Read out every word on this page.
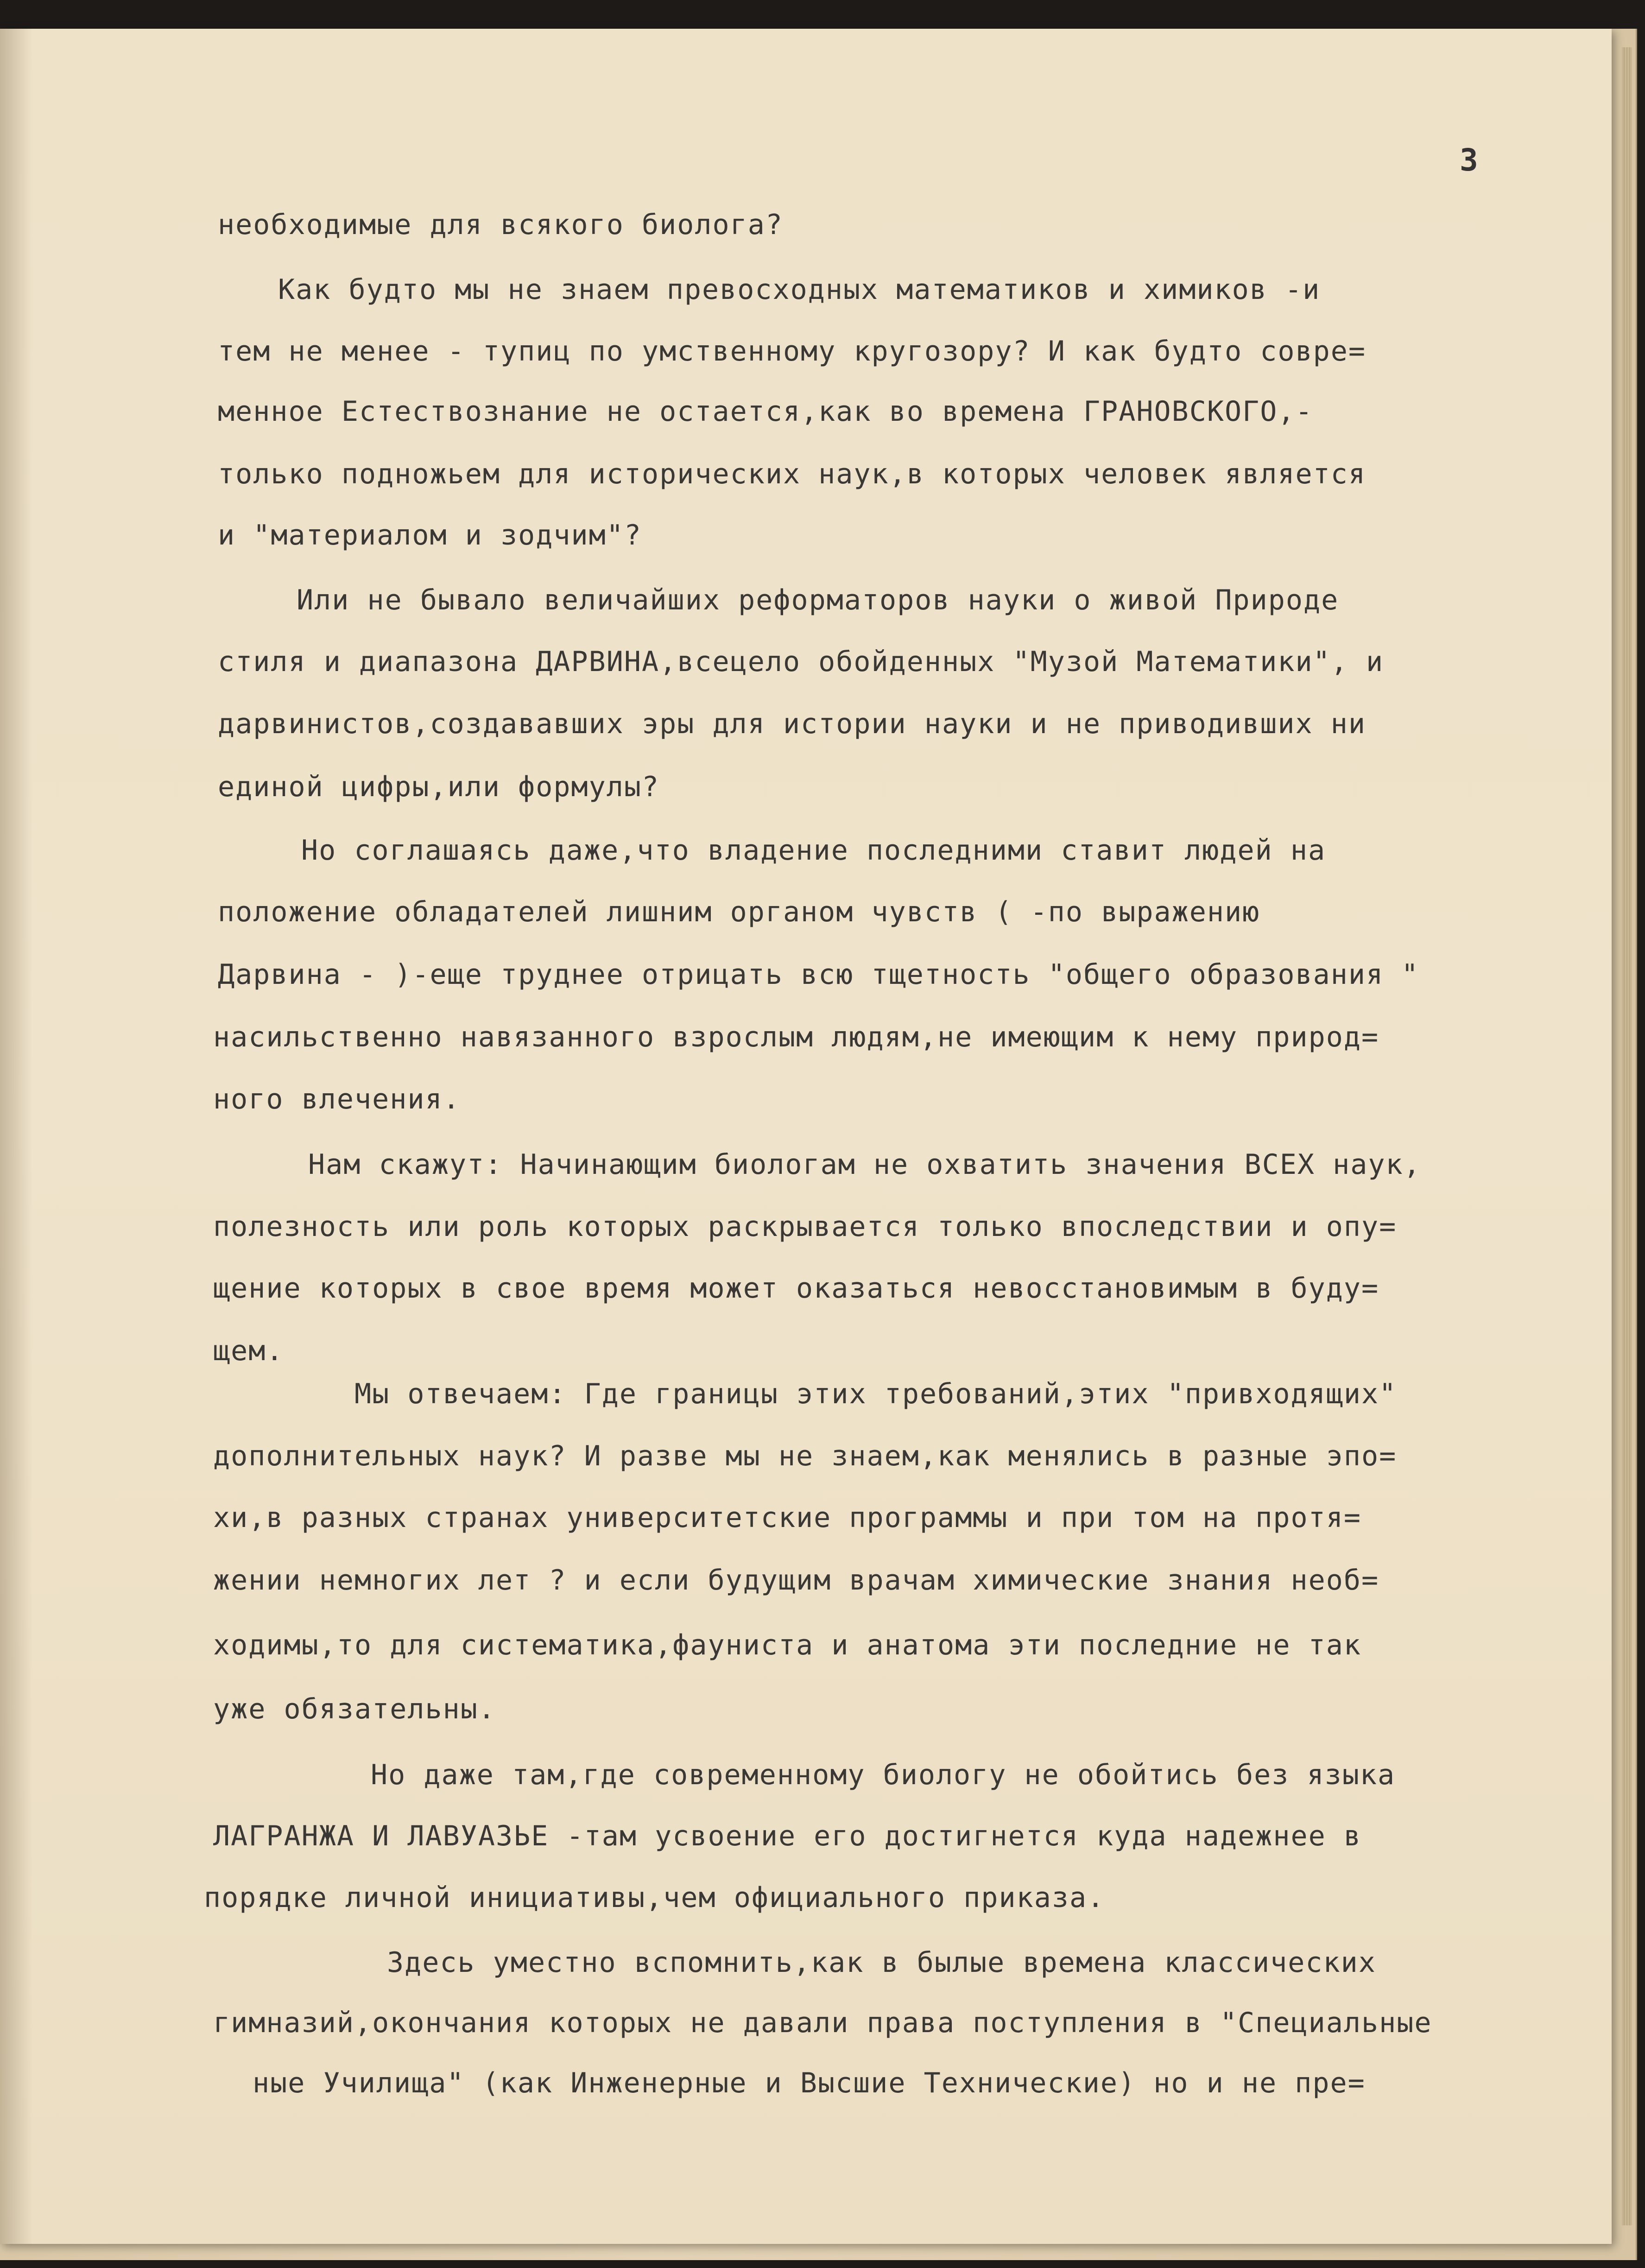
3
необходимые для всякого биолога?
Как будто мы не знаем превосходных математиков и химиков -и
тем не менее - тупиц по умственному кругозору? И как будто совре=
менное Естествознание не остается,как во времена ГРАНОВСКОГО,-
только подножьем для исторических наук,в которых человек является
и "материалом и зодчим"?
Или не бывало величайших реформаторов науки о живой Природе
стиля и диапазона ДАРВИНА,всецело обойденных "Музой Математики", и
дарвинистов,создававших эры для истории науки и не приводивших ни
единой цифры,или формулы?
Но соглашаясь даже,что владение последними ставит людей на
положение обладателей лишним органом чувств ( -по выражению
Дарвина - )-еще труднее отрицать всю тщетность "общего образования "
насильственно навязанного взрослым людям,не имеющим к нему природ=
ного влечения.
Нам скажут: Начинающим биологам не охватить значения ВСЕХ наук,
полезность или роль которых раскрывается только впоследствии и опу=
щение которых в свое время может оказаться невосстановимым в буду=
щем.
Мы отвечаем: Где границы этих требований,этих "привходящих"
дополнительных наук? И разве мы не знаем,как менялись в разные эпо=
хи,в разных странах университетские программы и при том на протя=
жении немногих лет ? и если будущим врачам химические знания необ=
ходимы,то для систематика,фауниста и анатома эти последние не так
уже обязательны.
Но даже там,где современному биологу не обойтись без языка
ЛАГРАНЖА И ЛАВУАЗЬЕ -там усвоение его достигнется куда надежнее в
порядке личной инициативы,чем официального приказа.
Здесь уместно вспомнить,как в былые времена классических
гимназий,окончания которых не давали права поступления в "Специальные
ные Училища" (как Инженерные и Высшие Технические) но и не пре=
